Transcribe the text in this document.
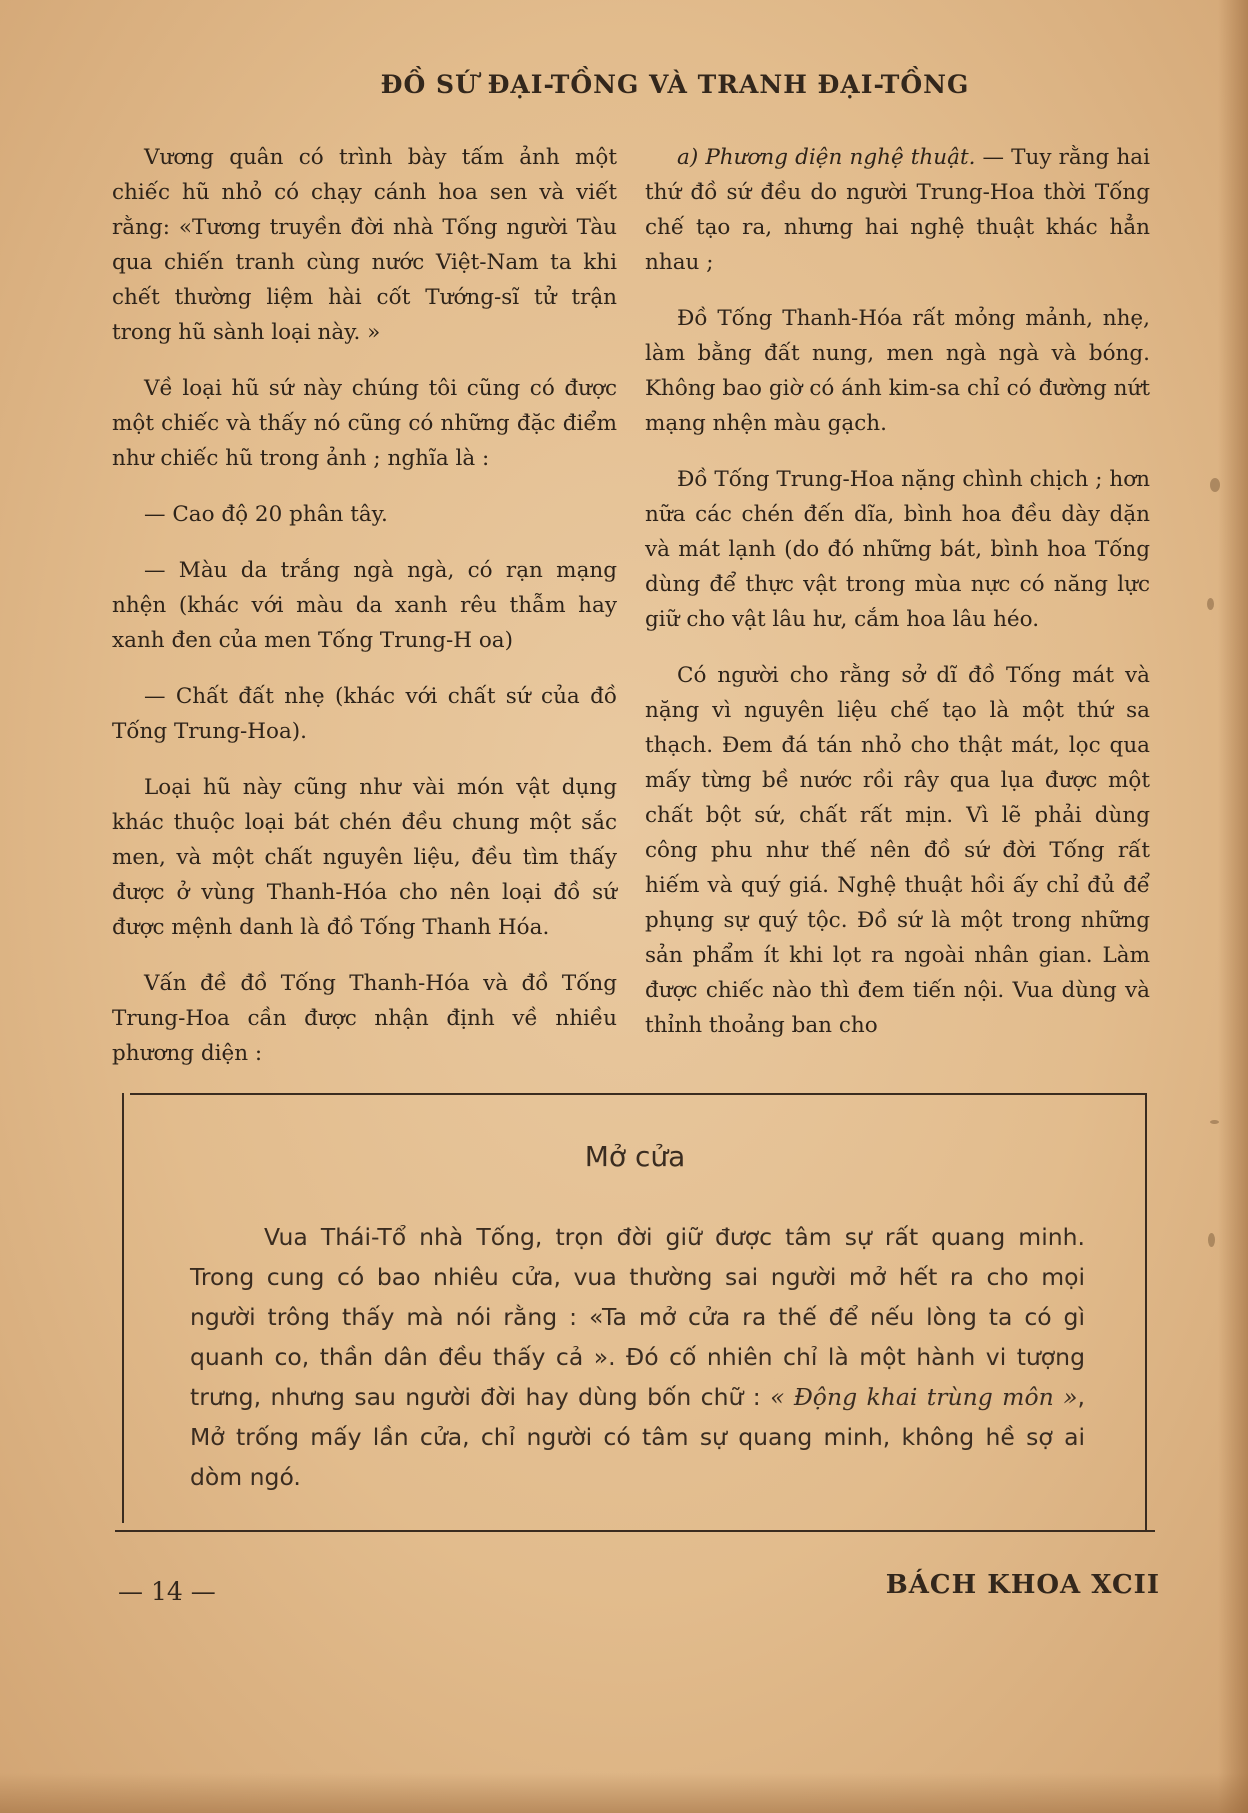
ĐỒ SỨ ĐẠI-TỒNG VÀ TRANH ĐẠI-TỒNG

Vương quân có trình bày tấm ảnh một chiếc hũ nhỏ có chạy cánh hoa sen và viết rằng: «Tương truyền đời nhà Tống người Tàu qua chiến tranh cùng nước Việt-Nam ta khi chết thường liệm hài cốt Tướng-sĩ tử trận trong hũ sành loại này. »

Về loại hũ sứ này chúng tôi cũng có được một chiếc và thấy nó cũng có những đặc điểm như chiếc hũ trong ảnh ; nghĩa là :

— Cao độ 20 phân tây.

— Màu da trắng ngà ngà, có rạn mạng nhện (khác với màu da xanh rêu thẫm hay xanh đen của men Tống Trung-H oa)

— Chất đất nhẹ (khác với chất sứ của đồ Tống Trung-Hoa).

Loại hũ này cũng như vài món vật dụng khác thuộc loại bát chén đều chung một sắc men, và một chất nguyên liệu, đều tìm thấy được ở vùng Thanh-Hóa cho nên loại đồ sứ được mệnh danh là đồ Tống Thanh Hóa.

Vấn đề đồ Tống Thanh-Hóa và đồ Tống Trung-Hoa cần được nhận định về nhiều phương diện :

a) Phương diện nghệ thuật. — Tuy rằng hai thứ đồ sứ đều do người Trung-Hoa thời Tống chế tạo ra, nhưng hai nghệ thuật khác hẳn nhau ;

Đồ Tống Thanh-Hóa rất mỏng mảnh, nhẹ, làm bằng đất nung, men ngà ngà và bóng. Không bao giờ có ánh kim-sa chỉ có đường nứt mạng nhện màu gạch.

Đồ Tống Trung-Hoa nặng chình chịch ; hơn nữa các chén đến dĩa, bình hoa đều dày dặn và mát lạnh (do đó những bát, bình hoa Tống dùng để thực vật trong mùa nực có năng lực giữ cho vật lâu hư, cắm hoa lâu héo.

Có người cho rằng sở dĩ đồ Tống mát và nặng vì nguyên liệu chế tạo là một thứ sa thạch. Đem đá tán nhỏ cho thật mát, lọc qua mấy từng bề nước rồi rây qua lụa được một chất bột sứ, chất rất mịn. Vì lẽ phải dùng công phu như thế nên đồ sứ đời Tống rất hiếm và quý giá. Nghệ thuật hồi ấy chỉ đủ để phụng sự quý tộc. Đồ sứ là một trong những sản phẩm ít khi lọt ra ngoài nhân gian. Làm được chiếc nào thì đem tiến nội. Vua dùng và thỉnh thoảng ban cho

Mở cửa

Vua Thái-Tổ nhà Tống, trọn đời giữ được tâm sự rất quang minh. Trong cung có bao nhiêu cửa, vua thường sai người mở hết ra cho mọi người trông thấy mà nói rằng : «Ta mở cửa ra thế để nếu lòng ta có gì quanh co, thần dân đều thấy cả ». Đó cố nhiên chỉ là một hành vi tượng trưng, nhưng sau người đời hay dùng bốn chữ : « Động khai trùng môn », Mở trống mấy lần cửa, chỉ người có tâm sự quang minh, không hề sợ ai dòm ngó.

— 14 —	BÁCH KHOA XCII
